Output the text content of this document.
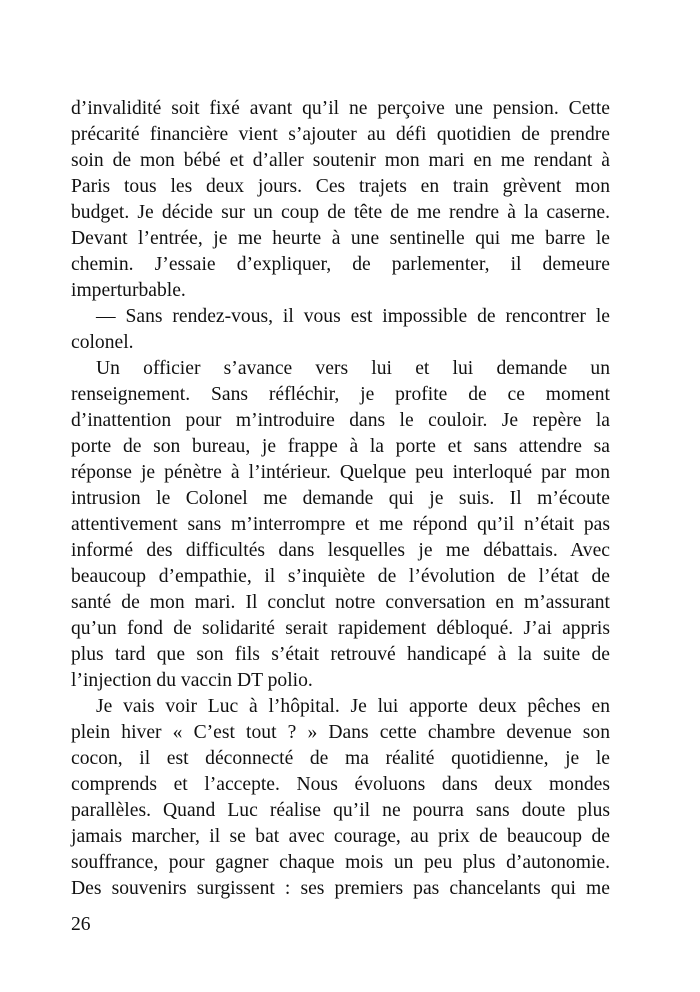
d’invalidité soit fixé avant qu’il ne perçoive une pension. Cette
précarité financière vient s’ajouter au défi quotidien de prendre
soin de mon bébé et d’aller soutenir mon mari en me rendant à
Paris tous les deux jours. Ces trajets en train grèvent mon
budget. Je décide sur un coup de tête de me rendre à la caserne.
Devant l’entrée, je me heurte à une sentinelle qui me barre le
chemin. J’essaie d’expliquer, de parlementer, il demeure
imperturbable.
— Sans rendez-vous, il vous est impossible de rencontrer le
colonel.
Un officier s’avance vers lui et lui demande un
renseignement. Sans réfléchir, je profite de ce moment
d’inattention pour m’introduire dans le couloir. Je repère la
porte de son bureau, je frappe à la porte et sans attendre sa
réponse je pénètre à l’intérieur. Quelque peu interloqué par mon
intrusion le Colonel me demande qui je suis. Il m’écoute
attentivement sans m’interrompre et me répond qu’il n’était pas
informé des difficultés dans lesquelles je me débattais. Avec
beaucoup d’empathie, il s’inquiète de l’évolution de l’état de
santé de mon mari. Il conclut notre conversation en m’assurant
qu’un fond de solidarité serait rapidement débloqué. J’ai appris
plus tard que son fils s’était retrouvé handicapé à la suite de
l’injection du vaccin DT polio.
Je vais voir Luc à l’hôpital. Je lui apporte deux pêches en
plein hiver « C’est tout ? » Dans cette chambre devenue son
cocon, il est déconnecté de ma réalité quotidienne, je le
comprends et l’accepte. Nous évoluons dans deux mondes
parallèles. Quand Luc réalise qu’il ne pourra sans doute plus
jamais marcher, il se bat avec courage, au prix de beaucoup de
souffrance, pour gagner chaque mois un peu plus d’autonomie.
Des souvenirs surgissent : ses premiers pas chancelants qui me
26
